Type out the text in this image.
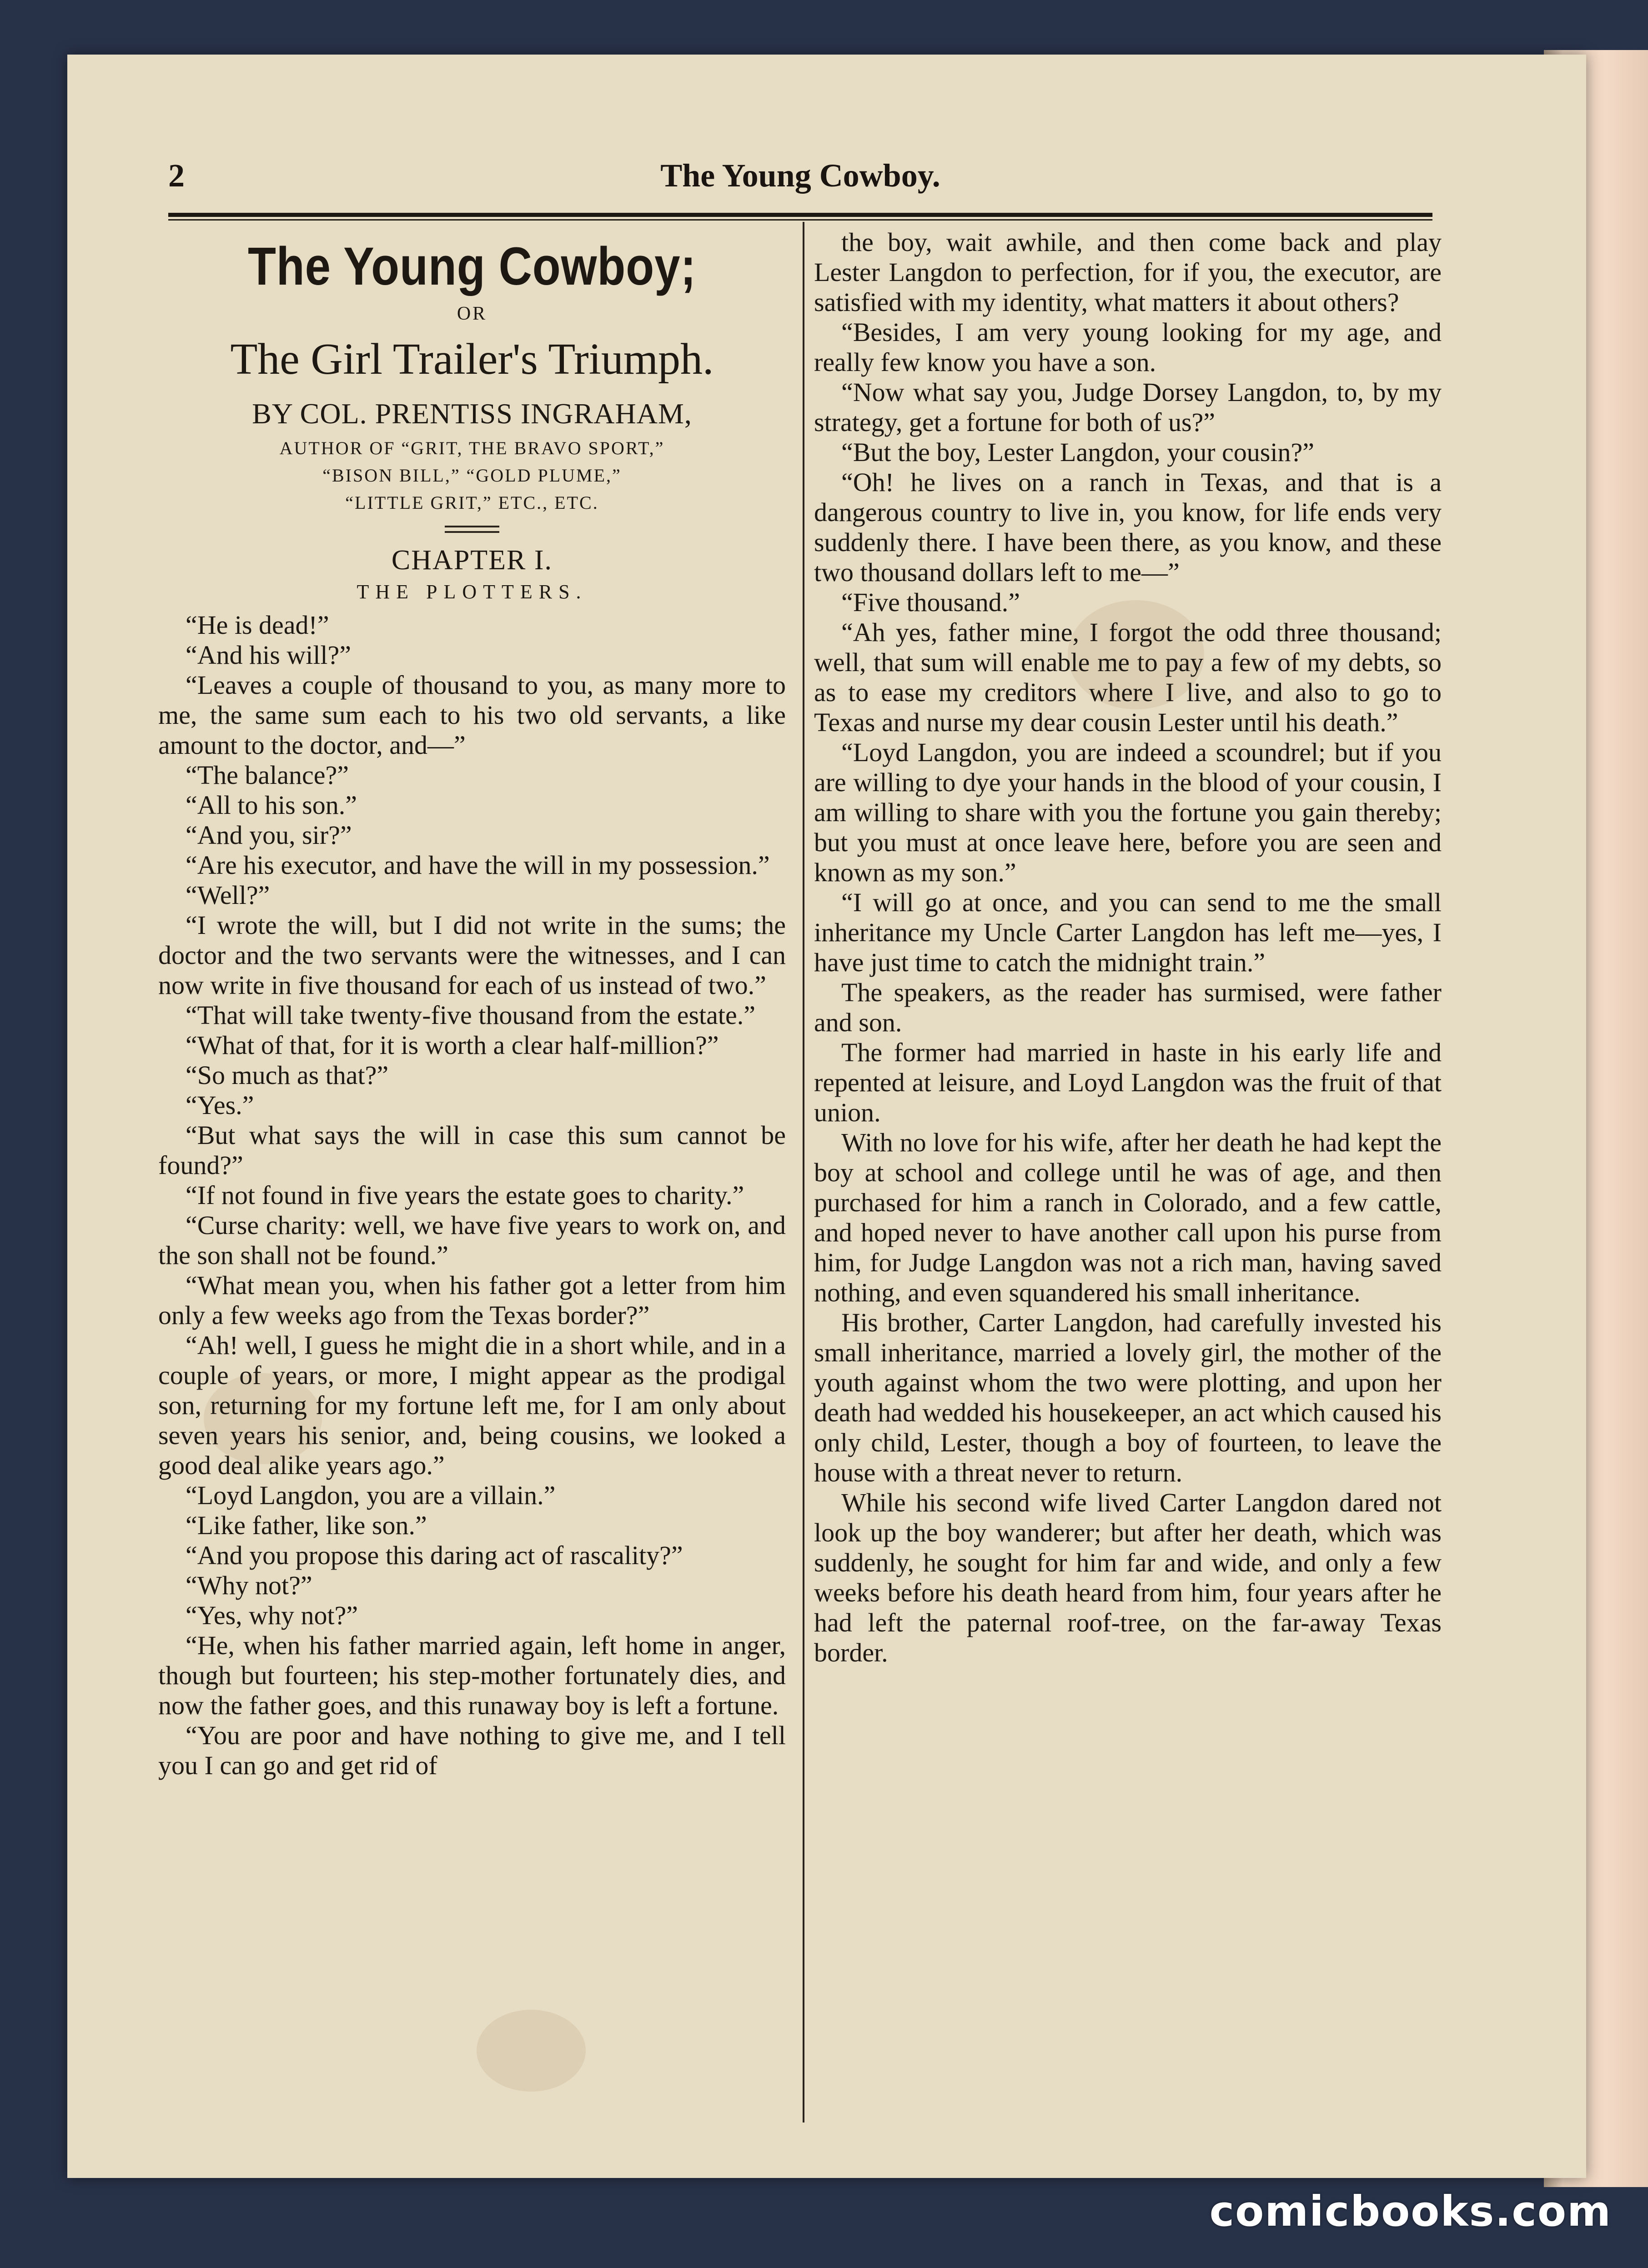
2	The Young Cowboy.
The Young Cowboy;
OR
The Girl Trailer's Triumph.
BY COL. PRENTISS INGRAHAM,
AUTHOR OF “GRIT, THE BRAVO SPORT,”
“BISON BILL,” “GOLD PLUME,”
“LITTLE GRIT,” ETC., ETC.
CHAPTER I.
THE PLOTTERS.

“He is dead!”

“And his will?”

“Leaves a couple of thousand to you, as many more to me, the same sum each to his two old servants, a like amount to the doctor, and—”

“The balance?”

“All to his son.”

“And you, sir?”

“Are his executor, and have the will in my possession.”

“Well?”

“I wrote the will, but I did not write in the sums; the doctor and the two servants were the witnesses, and I can now write in five thousand for each of us instead of two.”

“That will take twenty-five thousand from the estate.”

“What of that, for it is worth a clear half-million?”

“So much as that?”

“Yes.”

“But what says the will in case this sum cannot be found?”

“If not found in five years the estate goes to charity.”

“Curse charity: well, we have five years to work on, and the son shall not be found.”

“What mean you, when his father got a letter from him only a few weeks ago from the Texas border?”

“Ah! well, I guess he might die in a short while, and in a couple of years, or more, I might appear as the prodigal son, returning for my fortune left me, for I am only about seven years his senior, and, being cousins, we looked a good deal alike years ago.”

“Loyd Langdon, you are a villain.”

“Like father, like son.”

“And you propose this daring act of rascality?”

“Why not?”

“Yes, why not?”

“He, when his father married again, left home in anger, though but fourteen; his step-mother fortunately dies, and now the father goes, and this runaway boy is left a fortune.

“You are poor and have nothing to give me, and I tell you I can go and get rid of

the boy, wait awhile, and then come back and play Lester Langdon to perfection, for if you, the executor, are satisfied with my identity, what matters it about others?

“Besides, I am very young looking for my age, and really few know you have a son.

“Now what say you, Judge Dorsey Langdon, to, by my strategy, get a fortune for both of us?”

“But the boy, Lester Langdon, your cousin?”

“Oh! he lives on a ranch in Texas, and that is a dangerous country to live in, you know, for life ends very suddenly there. I have been there, as you know, and these two thousand dollars left to me—”

“Five thousand.”

“Ah yes, father mine, I forgot the odd three thousand; well, that sum will enable me to pay a few of my debts, so as to ease my creditors where I live, and also to go to Texas and nurse my dear cousin Lester until his death.”

“Loyd Langdon, you are indeed a scoundrel; but if you are willing to dye your hands in the blood of your cousin, I am willing to share with you the fortune you gain thereby; but you must at once leave here, before you are seen and known as my son.”

“I will go at once, and you can send to me the small inheritance my Uncle Carter Langdon has left me—yes, I have just time to catch the midnight train.”

The speakers, as the reader has surmised, were father and son.

The former had married in haste in his early life and repented at leisure, and Loyd Langdon was the fruit of that union.

With no love for his wife, after her death he had kept the boy at school and college until he was of age, and then purchased for him a ranch in Colorado, and a few cattle, and hoped never to have another call upon his purse from him, for Judge Langdon was not a rich man, having saved nothing, and even squandered his small inheritance.

His brother, Carter Langdon, had carefully invested his small inheritance, married a lovely girl, the mother of the youth against whom the two were plotting, and upon her death had wedded his housekeeper, an act which caused his only child, Lester, though a boy of fourteen, to leave the house with a threat never to return.

While his second wife lived Carter Langdon dared not look up the boy wanderer; but after her death, which was suddenly, he sought for him far and wide, and only a few weeks before his death heard from him, four years after he had left the paternal roof-tree, on the far-away Texas border.

comicbooks.com
